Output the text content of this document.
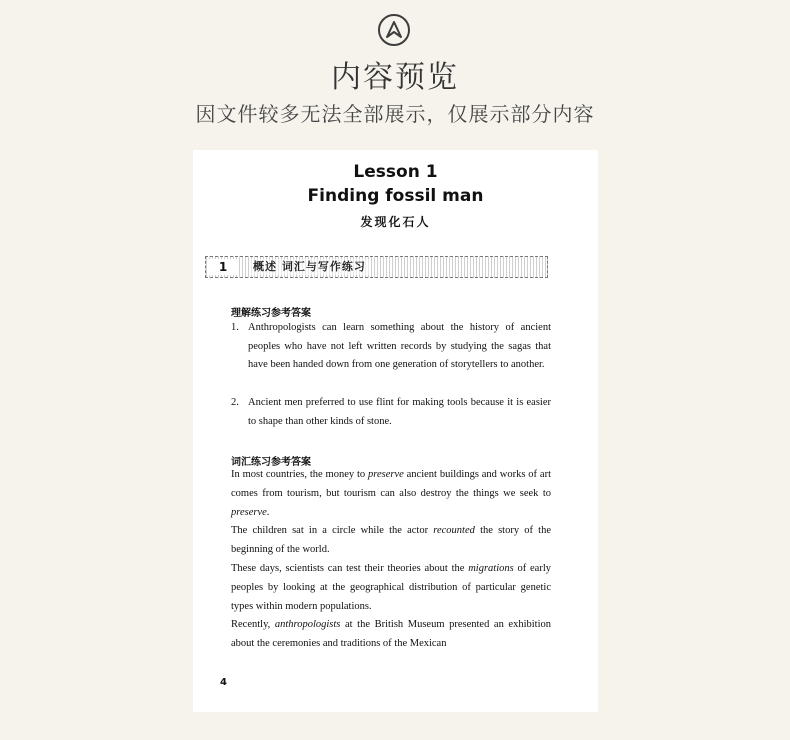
内容预览
因文件较多无法全部展示，仅展示部分内容
Lesson 1
Finding fossil man
发现化石人
1	概述 词汇与写作练习
理解练习参考答案
1. Anthropologists can learn something about the history of ancient peoples who have not left written records by studying the sagas that have been handed down from one generation of storytellers to another.
2. Ancient men preferred to use flint for making tools because it is easier to shape than other kinds of stone.
词汇练习参考答案

In most countries, the money to preserve ancient buildings and works of art comes from tourism, but tourism can also destroy the things we seek to preserve.

The children sat in a circle while the actor recounted the story of the beginning of the world.

These days, scientists can test their theories about the migrations of early peoples by looking at the geographical distribution of particular genetic types within modern populations.

Recently, anthropologists at the British Museum presented an exhibition about the ceremonies and traditions of the Mexican

4
